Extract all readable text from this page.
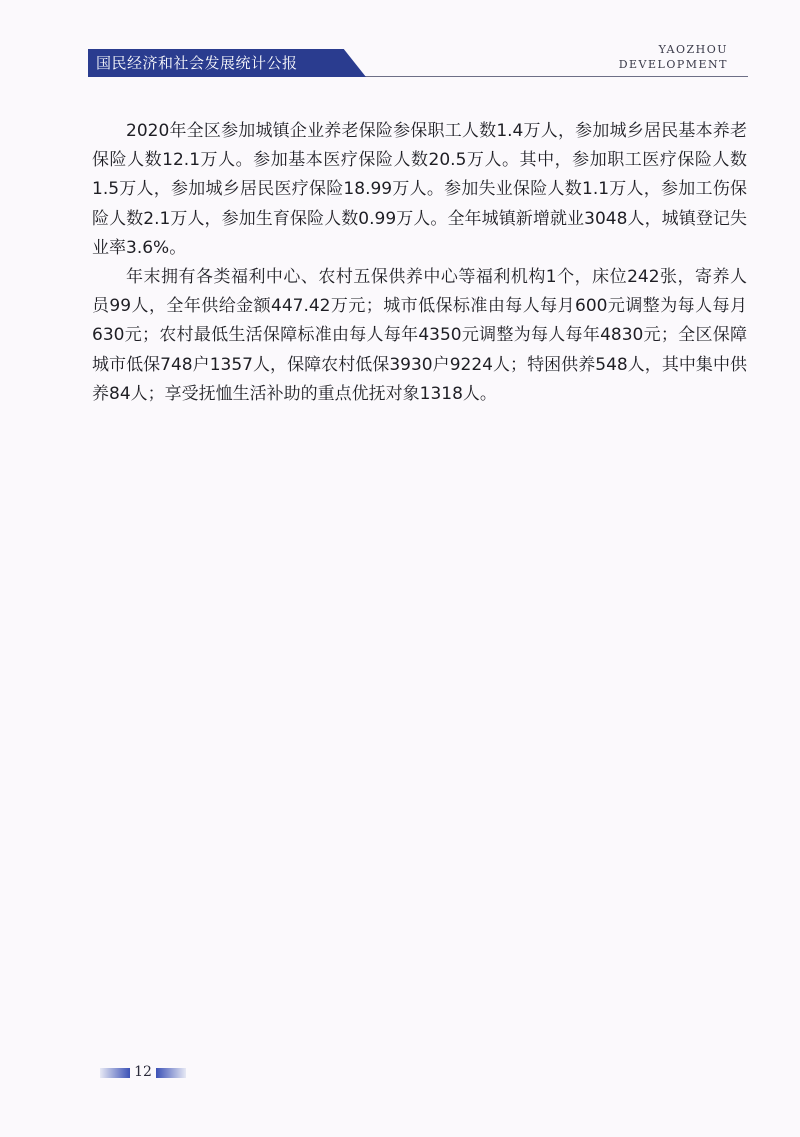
国民经济和社会发展统计公报
YAOZHOU
DEVELOPMENT

2020年全区参加城镇企业养老保险参保职工人数1.4万人，参加城乡居民基本养老保险人数12.1万人。参加基本医疗保险人数20.5万人。其中，参加职工医疗保险人数1.5万人，参加城乡居民医疗保险18.99万人。参加失业保险人数1.1万人，参加工伤保险人数2.1万人，参加生育保险人数0.99万人。全年城镇新增就业3048人，城镇登记失业率3.6%。

年末拥有各类福利中心、农村五保供养中心等福利机构1个，床位242张，寄养人员99人，全年供给金额447.42万元；城市低保标准由每人每月600元调整为每人每月630元；农村最低生活保障标准由每人每年4350元调整为每人每年4830元；全区保障城市低保748户1357人，保障农村低保3930户9224人；特困供养548人，其中集中供养84人；享受抚恤生活补助的重点优抚对象1318人。

12
